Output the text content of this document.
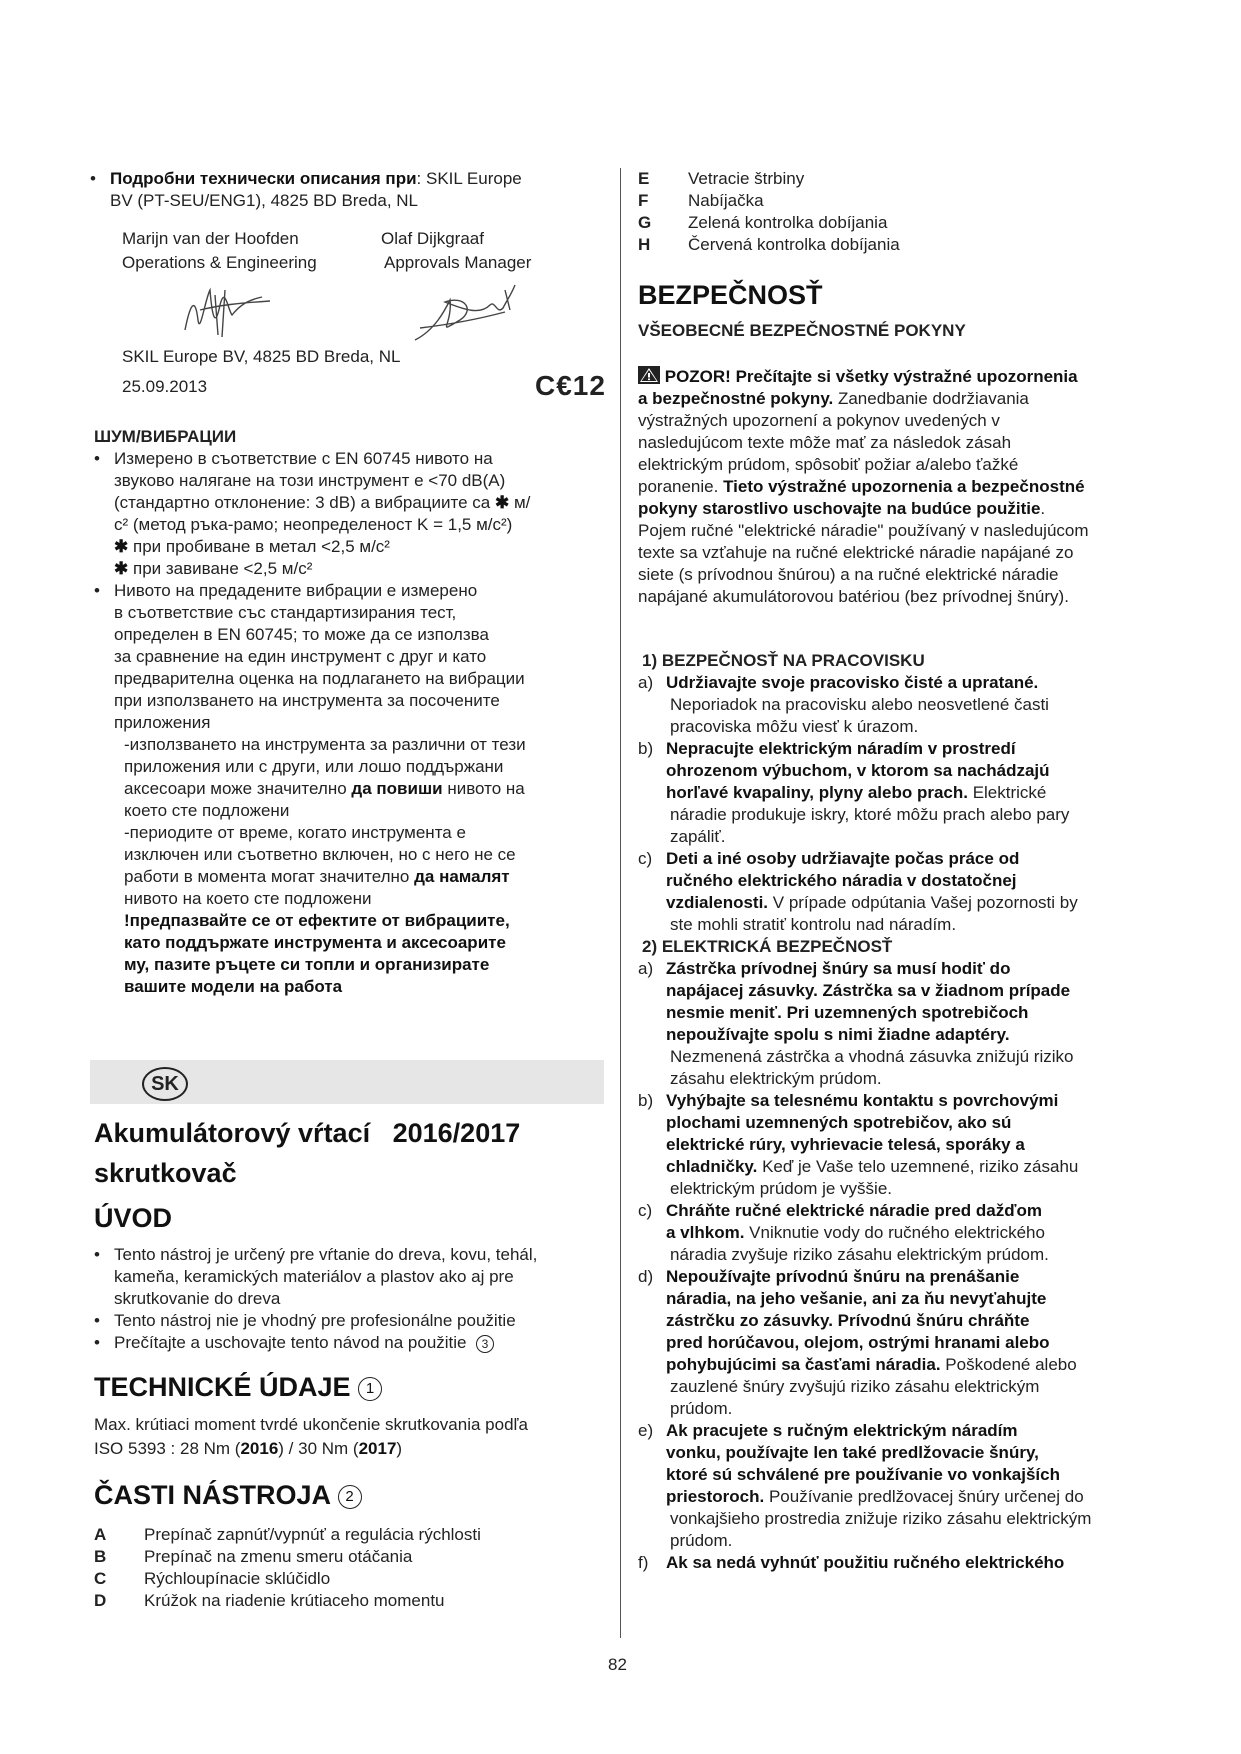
• Подробни технически описания при: SKIL Europe
BV (PT-SEU/ENG1), 4825 BD Breda, NL
Marijn van der Hoofden
Operations & Engineering
Olaf Dijkgraaf
Approvals Manager
SKIL Europe BV, 4825 BD Breda, NL
25.09.2013	C€12
ШУМ/ВИБРАЦИИ
• Измерено в съответствие с EN 60745 нивото на
звуково налягане на този инструмент е <70 dB(A)
(стандартно отклонение: 3 dB) а вибрациите са ✱ м/
c² (метод ръка-рамо; неопределеност K = 1,5 м/c²)
✱ при пробиване в метал <2,5 м/c²
✱ при завиване <2,5 м/c²
• Нивото на предадените вибрации е измерено
в съответствие със стандартизирания тест,
определен в EN 60745; то може да се използва
за сравнение на един инструмент с друг и като
предварителна оценка на подлагането на вибрации
при използването на инструмента за посочените
приложения
-използването на инструмента за различни от тези
приложения или с други, или лошо поддържани
аксесоари може значително да повиши нивото на
което сте подложени
-периодите от време, когато инструмента е
изключен или съответно включен, но с него не се
работи в момента могат значително да намалят
нивото на което сте подложени
!предпазвайте се от ефектите от вибрациите,
като поддържате инструмента и аксесоарите
му, пазите ръцете си топли и организирате
вашите модели на работа
SK
Akumulátorový vŕtací 2016/2017
skrutkovač
ÚVOD
• Tento nástroj je určený pre vŕtanie do dreva, kovu, tehál,
kameňa, keramických materiálov a plastov ako aj pre
skrutkovanie do dreva
• Tento nástroj nie je vhodný pre profesionálne použitie
• Prečítajte a uschovajte tento návod na použitie 3
TECHNICKÉ ÚDAJE 1
Max. krútiaci moment tvrdé ukončenie skrutkovania podľa
ISO 5393 : 28 Nm (2016) / 30 Nm (2017)
ČASTI NÁSTROJA 2
A Prepínač zapnúť/vypnúť a regulácia rýchlosti
B Prepínač na zmenu smeru otáčania
C Rýchloupínacie sklúčidlo
D Krúžok na riadenie krútiaceho momentu
E Vetracie štrbiny
F Nabíjačka
G Zelená kontrolka dobíjania
H Červená kontrolka dobíjania
BEZPEČNOSŤ
VŠEOBECNÉ BEZPEČNOSTNÉ POKYNY
POZOR! Prečítajte si všetky výstražné upozornenia
a bezpečnostné pokyny. Zanedbanie dodržiavania
výstražných upozornení a pokynov uvedených v
nasledujúcom texte môže mať za následok zásah
elektrickým prúdom, spôsobiť požiar a/alebo ťažké
poranenie. Tieto výstražné upozornenia a bezpečnostné
pokyny starostlivo uschovajte na budúce použitie.
Pojem ručné "elektrické náradie" používaný v nasledujúcom
texte sa vzťahuje na ručné elektrické náradie napájané zo
siete (s prívodnou šnúrou) a na ručné elektrické náradie
napájané akumulátorovou batériou (bez prívodnej šnúry).
1) BEZPEČNOSŤ NA PRACOVISKU
a) Udržiavajte svoje pracovisko čisté a upratané.
Neporiadok na pracovisku alebo neosvetlené časti
pracoviska môžu viesť k úrazom.
b) Nepracujte elektrickým náradím v prostredí
ohrozenom výbuchom, v ktorom sa nachádzajú
horľavé kvapaliny, plyny alebo prach. Elektrické
náradie produkuje iskry, ktoré môžu prach alebo pary
zapáliť.
c) Deti a iné osoby udržiavajte počas práce od
ručného elektrického náradia v dostatočnej
vzdialenosti. V prípade odpútania Vašej pozornosti by
ste mohli stratiť kontrolu nad náradím.
2) ELEKTRICKÁ BEZPEČNOSŤ
a) Zástrčka prívodnej šnúry sa musí hodiť do
napájacej zásuvky. Zástrčka sa v žiadnom prípade
nesmie meniť. Pri uzemnených spotrebičoch
nepoužívajte spolu s nimi žiadne adaptéry.
Nezmenená zástrčka a vhodná zásuvka znižujú riziko
zásahu elektrickým prúdom.
b) Vyhýbajte sa telesnému kontaktu s povrchovými
plochami uzemnených spotrebičov, ako sú
elektrické rúry, vyhrievacie telesá, sporáky a
chladničky. Keď je Vaše telo uzemnené, riziko zásahu
elektrickým prúdom je vyššie.
c) Chráňte ručné elektrické náradie pred dažďom
a vlhkom. Vniknutie vody do ručného elektrického
náradia zvyšuje riziko zásahu elektrickým prúdom.
d) Nepoužívajte prívodnú šnúru na prenášanie
náradia, na jeho vešanie, ani za ňu nevyťahujte
zástrčku zo zásuvky. Prívodnú šnúru chráňte
pred horúčavou, olejom, ostrými hranami alebo
pohybujúcimi sa časťami náradia. Poškodené alebo
zauzlené šnúry zvyšujú riziko zásahu elektrickým
prúdom.
e) Ak pracujete s ručným elektrickým náradím
vonku, používajte len také predlžovacie šnúry,
ktoré sú schválené pre používanie vo vonkajších
priestoroch. Používanie predlžovacej šnúry určenej do
vonkajšieho prostredia znižuje riziko zásahu elektrickým
prúdom.
f) Ak sa nedá vyhnúť použitiu ručného elektrického
82
